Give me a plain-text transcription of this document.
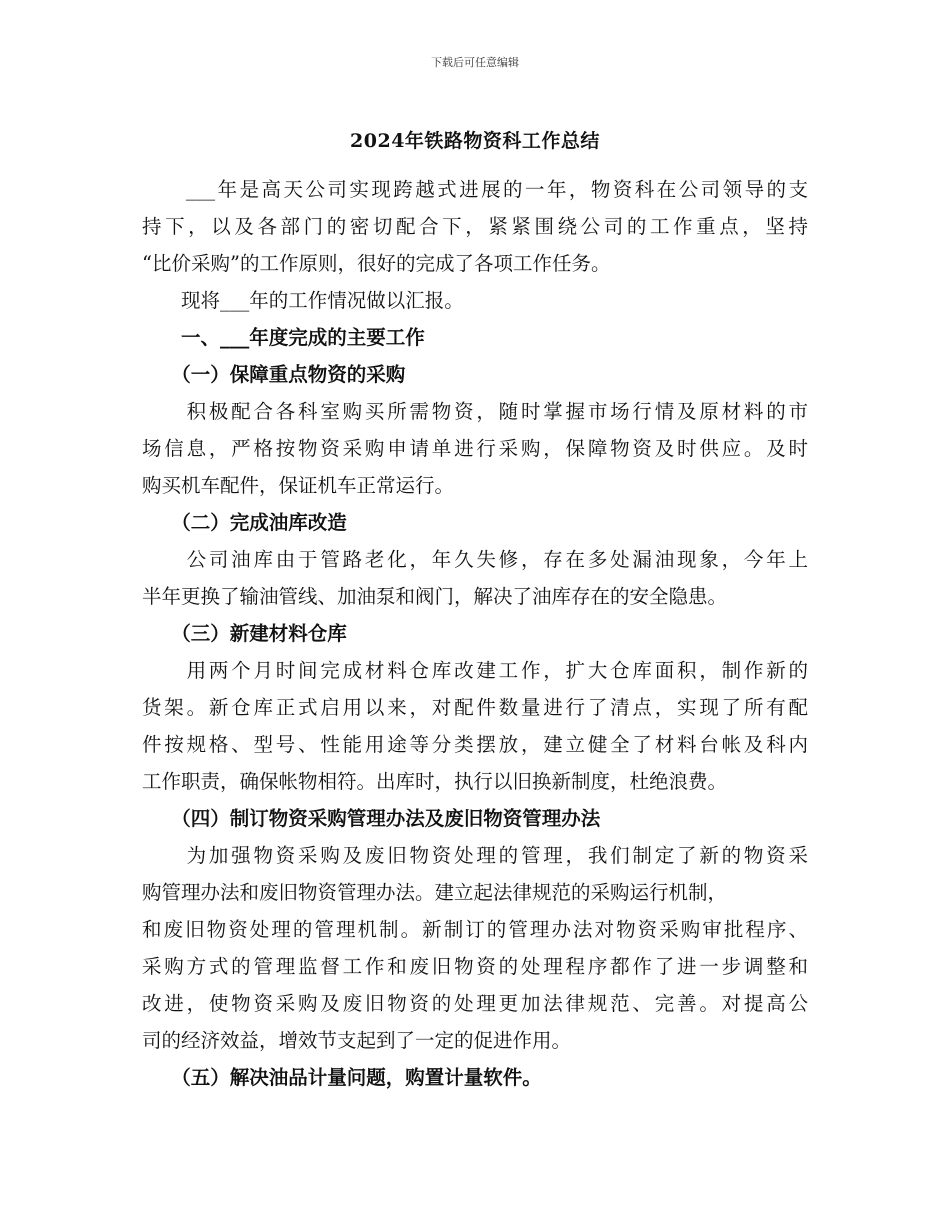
下载后可任意编辑
2024年铁路物资科工作总结
　　___年是高天公司实现跨越式进展的一年，物资科在公司领导的支
持下，以及各部门的密切配合下，紧紧围绕公司的工作重点，坚持
“比价采购”的工作原则，很好的完成了各项工作任务。
　　现将___年的工作情况做以汇报。
　　一、___年度完成的主要工作
　　（一）保障重点物资的采购
　　积极配合各科室购买所需物资，随时掌握市场行情及原材料的市
场信息，严格按物资采购申请单进行采购，保障物资及时供应。及时
购买机车配件，保证机车正常运行。
　　（二）完成油库改造
　　公司油库由于管路老化，年久失修，存在多处漏油现象，今年上
半年更换了输油管线、加油泵和阀门，解决了油库存在的安全隐患。
　　（三）新建材料仓库
　　用两个月时间完成材料仓库改建工作，扩大仓库面积，制作新的
货架。新仓库正式启用以来，对配件数量进行了清点，实现了所有配
件按规格、型号、性能用途等分类摆放，建立健全了材料台帐及科内
工作职责，确保帐物相符。出库时，执行以旧换新制度，杜绝浪费。
　　（四）制订物资采购管理办法及废旧物资管理办法
　　为加强物资采购及废旧物资处理的管理，我们制定了新的物资采
购管理办法和废旧物资管理办法。建立起法律规范的采购运行机制，
和废旧物资处理的管理机制。新制订的管理办法对物资采购审批程序、
采购方式的管理监督工作和废旧物资的处理程序都作了进一步调整和
改进，使物资采购及废旧物资的处理更加法律规范、完善。对提高公
司的经济效益，增效节支起到了一定的促进作用。
　　（五）解决油品计量问题，购置计量软件。
